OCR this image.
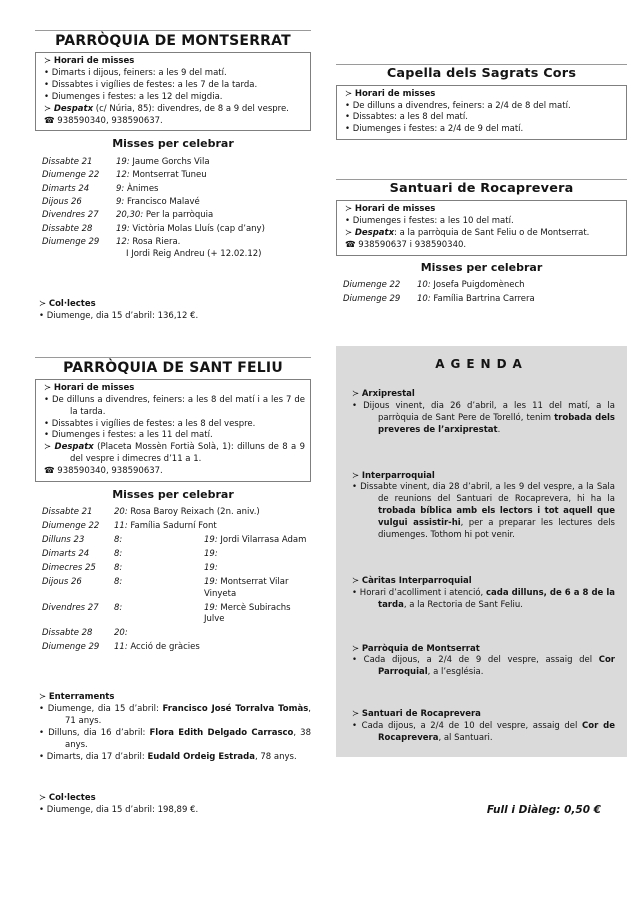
PARRÒQUIA DE MONTSERRAT
≻ Horari de misses
• Dimarts i dijous, feiners: a les 9 del matí.
• Dissabtes i vigílies de festes: a les 7 de la tarda.
• Diumenges i festes: a les 12 del migdia.
≻ Despatx (c/ Núria, 85): divendres, de 8 a 9 del vespre.
☎ 938590340, 938590637.
Misses per celebrar
Dissabte 21	19: Jaume Gorchs Vila
Diumenge 22	12: Montserrat Tuneu
Dimarts 24	9: Ànimes
Dijous 26	9: Francisco Malavé
Divendres 27	20,30: Per la parròquia
Dissabte 28	19: Victòria Molas Lluís (cap d’any)
Diumenge 29	12: Rosa Riera.
I Jordi Reig Andreu (+ 12.02.12)
≻ Col·lectes
• Diumenge, dia 15 d’abril: 136,12 €.
PARRÒQUIA DE SANT FELIU
≻ Horari de misses
• De dilluns a divendres, feiners: a les 8 del matí i a les 7 de la tarda.
• Dissabtes i vigílies de festes: a les 8 del vespre.
• Diumenges i festes: a les 11 del matí.
≻ Despatx (Placeta Mossèn Fortià Solà, 1): dilluns de 8 a 9 del vespre i dimecres d’11 a 1.
☎ 938590340, 938590637.
Misses per celebrar
Dissabte 21	20: Rosa Baroy Reixach (2n. aniv.)
Diumenge 22	11: Família Sadurní Font
Dilluns 23	8:	19: Jordi Vilarrasa Adam
Dimarts 24	8:	19:
Dimecres 25	8:	19:
Dijous 26	8:	19: Montserrat Vilar Vinyeta
Divendres 27	8:	19: Mercè Subirachs Julve
Dissabte 28	20:
Diumenge 29	11: Acció de gràcies
≻ Enterraments
• Diumenge, dia 15 d’abril: Francisco José Torralva Tomàs, 71 anys.
• Dilluns, dia 16 d’abril: Flora Edith Delgado Carrasco, 38 anys.
• Dimarts, dia 17 d’abril: Eudald Ordeig Estrada, 78 anys.
≻ Col·lectes
• Diumenge, dia 15 d’abril: 198,89 €.
Capella dels Sagrats Cors
≻ Horari de misses
• De dilluns a divendres, feiners: a 2/4 de 8 del matí.
• Dissabtes: a les 8 del matí.
• Diumenges i festes: a 2/4 de 9 del matí.
Santuari de Rocaprevera
≻ Horari de misses
• Diumenges i festes: a les 10 del matí.
≻ Despatx: a la parròquia de Sant Feliu o de Montserrat.
☎ 938590637 i 938590340.
Misses per celebrar
Diumenge 22	10: Josefa Puigdomènech
Diumenge 29	10: Família Bartrina Carrera
AGENDA
≻ Arxiprestal
• Dijous vinent, dia 26 d’abril, a les 11 del matí, a la parròquia de Sant Pere de Torelló, tenim trobada dels preveres de l’arxiprestat.
≻ Interparroquial
• Dissabte vinent, dia 28 d’abril, a les 9 del vespre, a la Sala de reunions del Santuari de Rocaprevera, hi ha la trobada bíblica amb els lectors i tot aquell que vulgui assistir-hi, per a preparar les lectures dels diumenges. Tothom hi pot venir.
≻ Càritas Interparroquial
• Horari d’acolliment i atenció, cada dilluns, de 6 a 8 de la tarda, a la Rectoria de Sant Feliu.
≻ Parròquia de Montserrat
• Cada dijous, a 2/4 de 9 del vespre, assaig del Cor Parroquial, a l’església.
≻ Santuari de Rocaprevera
• Cada dijous, a 2/4 de 10 del vespre, assaig del Cor de Rocaprevera, al Santuari.
Full i Diàleg: 0,50 €
